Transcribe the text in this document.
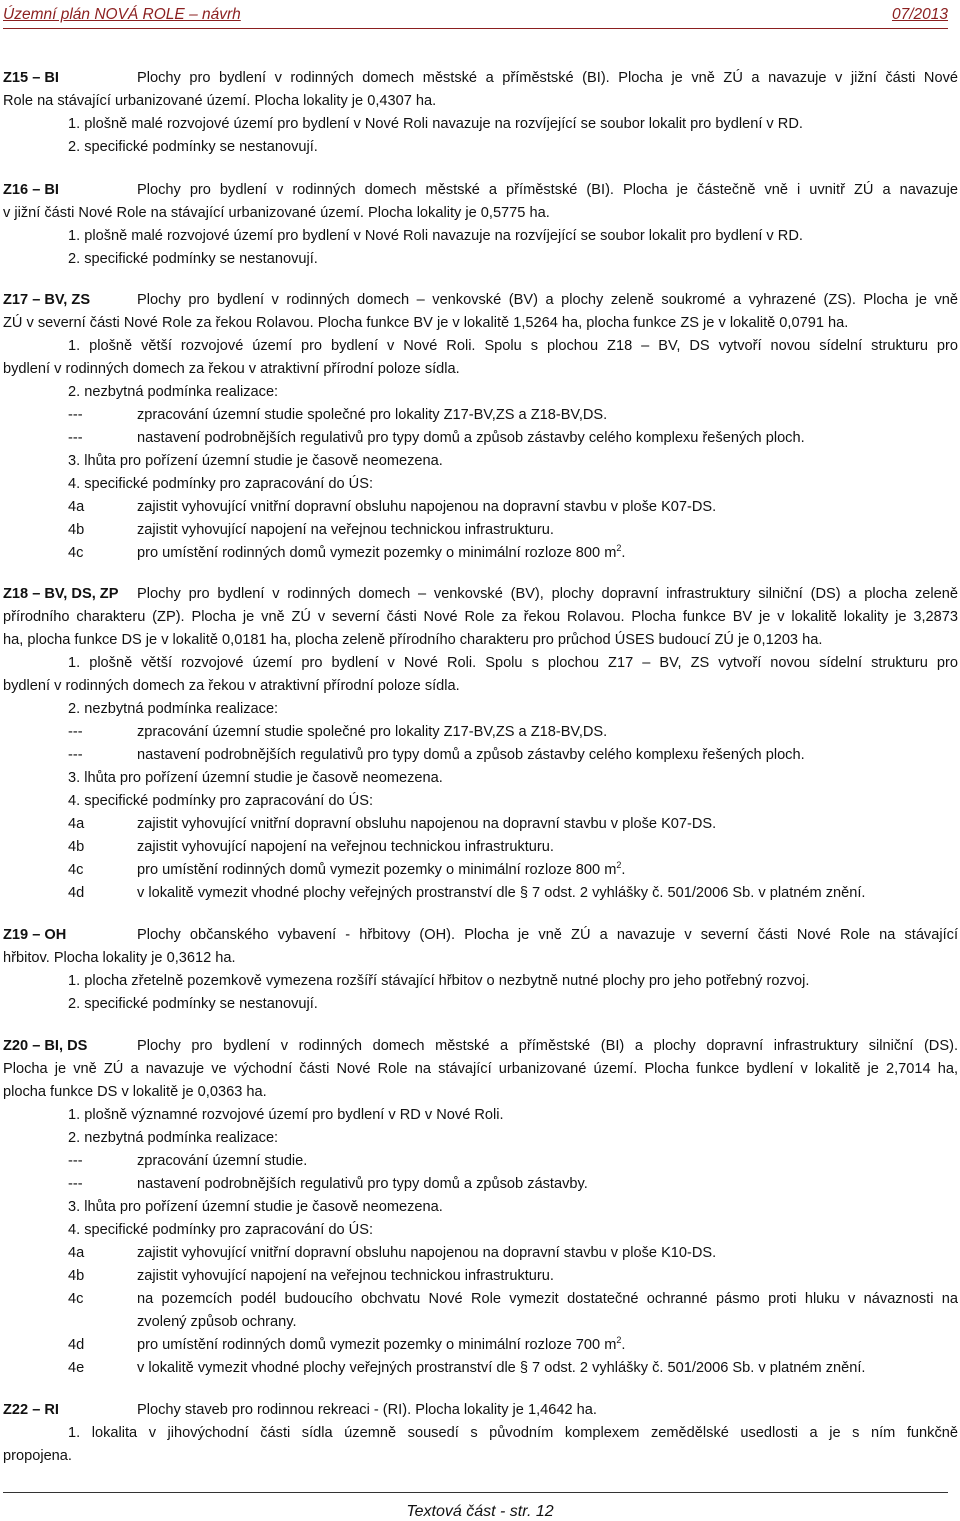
Územní plán NOVÁ ROLE – návrh	07/2013
Z15 – BI	Plochy pro bydlení v rodinných domech městské a příměstské (BI). Plocha je vně ZÚ a navazuje v jižní části Nové
Role na stávající urbanizované území. Plocha lokality je 0,4307 ha.
1. plošně malé rozvojové území pro bydlení v Nové Roli navazuje na rozvíjející se soubor lokalit pro bydlení v RD.
2. specifické podmínky se nestanovují.
Z16 – BI	Plochy pro bydlení v rodinných domech městské a příměstské (BI). Plocha je částečně vně i uvnitř ZÚ a navazuje
v jižní části Nové Role na stávající urbanizované území. Plocha lokality je 0,5775 ha.
1. plošně malé rozvojové území pro bydlení v Nové Roli navazuje na rozvíjející se soubor lokalit pro bydlení v RD.
2. specifické podmínky se nestanovují.
Z17 – BV, ZS	Plochy pro bydlení v rodinných domech – venkovské (BV) a plochy zeleně soukromé a vyhrazené (ZS). Plocha je vně
ZÚ v severní části Nové Role za řekou Rolavou. Plocha funkce BV je v lokalitě 1,5264 ha, plocha funkce ZS je v lokalitě 0,0791 ha.
1. plošně větší rozvojové území pro bydlení v Nové Roli. Spolu s plochou Z18 – BV, DS vytvoří novou sídelní strukturu pro
bydlení v rodinných domech za řekou v atraktivní přírodní poloze sídla.
2. nezbytná podmínka realizace:
---	zpracování územní studie společné pro lokality Z17-BV,ZS a Z18-BV,DS.
---	nastavení podrobnějších regulativů pro typy domů a způsob zástavby celého komplexu řešených ploch.
3. lhůta pro pořízení územní studie je časově neomezena.
4. specifické podmínky pro zapracování do ÚS:
4a	zajistit vyhovující vnitřní dopravní obsluhu napojenou na dopravní stavbu v ploše K07-DS.
4b	zajistit vyhovující napojení na veřejnou technickou infrastrukturu.
4c	pro umístění rodinných domů vymezit pozemky o minimální rozloze 800 $m^2$.
Z18 – BV, DS, ZP Plochy pro bydlení v rodinných domech – venkovské (BV), plochy dopravní infrastruktury silniční (DS) a plocha zeleně
přírodního charakteru (ZP). Plocha je vně ZÚ v severní části Nové Role za řekou Rolavou. Plocha funkce BV je v lokalitě lokality je 3,2873
ha, plocha funkce DS je v lokalitě 0,0181 ha, plocha zeleně přírodního charakteru pro průchod ÚSES budoucí ZÚ je 0,1203 ha.
1. plošně větší rozvojové území pro bydlení v Nové Roli. Spolu s plochou Z17 – BV, ZS vytvoří novou sídelní strukturu pro
bydlení v rodinných domech za řekou v atraktivní přírodní poloze sídla.
2. nezbytná podmínka realizace:
---	zpracování územní studie společné pro lokality Z17-BV,ZS a Z18-BV,DS.
---	nastavení podrobnějších regulativů pro typy domů a způsob zástavby celého komplexu řešených ploch.
3. lhůta pro pořízení územní studie je časově neomezena.
4. specifické podmínky pro zapracování do ÚS:
4a	zajistit vyhovující vnitřní dopravní obsluhu napojenou na dopravní stavbu v ploše K07-DS.
4b	zajistit vyhovující napojení na veřejnou technickou infrastrukturu.
4c	pro umístění rodinných domů vymezit pozemky o minimální rozloze 800 $m^2$.
4d	v lokalitě vymezit vhodné plochy veřejných prostranství dle § 7 odst. 2 vyhlášky č. 501/2006 Sb. v platném znění.
Z19 – OH	Plochy občanského vybavení - hřbitovy (OH). Plocha je vně ZÚ a navazuje v severní části Nové Role na stávající
hřbitov. Plocha lokality je 0,3612 ha.
1. plocha zřetelně pozemkově vymezena rozšíří stávající hřbitov o nezbytně nutné plochy pro jeho potřebný rozvoj.
2. specifické podmínky se nestanovují.
Z20 – BI, DS	Plochy pro bydlení v rodinných domech městské a příměstské (BI) a plochy dopravní infrastruktury silniční (DS).
Plocha je vně ZÚ a navazuje ve východní části Nové Role na stávající urbanizované území. Plocha funkce bydlení v lokalitě je 2,7014 ha,
plocha funkce DS v lokalitě je 0,0363 ha.
1. plošně významné rozvojové území pro bydlení v RD v Nové Roli.
2. nezbytná podmínka realizace:
---	zpracování územní studie.
---	nastavení podrobnějších regulativů pro typy domů a způsob zástavby.
3. lhůta pro pořízení územní studie je časově neomezena.
4. specifické podmínky pro zapracování do ÚS:
4a	zajistit vyhovující vnitřní dopravní obsluhu napojenou na dopravní stavbu v ploše K10-DS.
4b	zajistit vyhovující napojení na veřejnou technickou infrastrukturu.
4c	na pozemcích podél budoucího obchvatu Nové Role vymezit dostatečné ochranné pásmo proti hluku v návaznosti na
zvolený způsob ochrany.
4d	pro umístění rodinných domů vymezit pozemky o minimální rozloze 700 $m^2$.
4e	v lokalitě vymezit vhodné plochy veřejných prostranství dle § 7 odst. 2 vyhlášky č. 501/2006 Sb. v platném znění.
Z22 – RI	Plochy staveb pro rodinnou rekreaci - (RI). Plocha lokality je 1,4642 ha.
1. lokalita v jihovýchodní části sídla územně sousedí s původním komplexem zemědělské usedlosti a je s ním funkčně
propojena.
Textová část - str. 12
